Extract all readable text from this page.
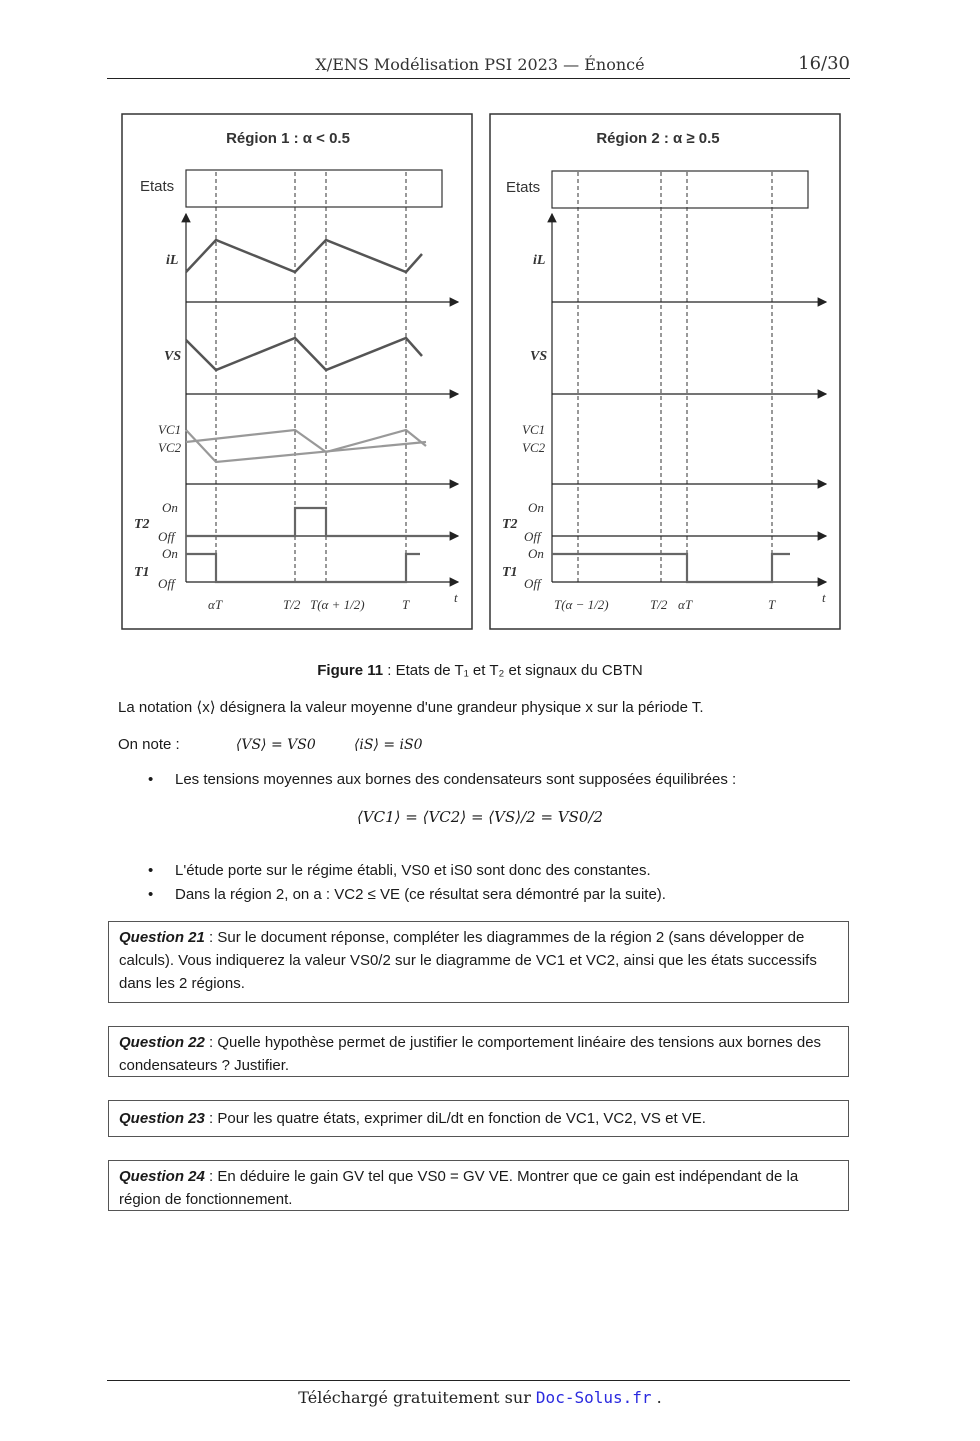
X/ENS Modélisation PSI 2023 — Énoncé	16/30
Région 1 : α < 0.5
Etats
iL
VS
VC1
VC2
On
T2
Off
On
T1
Off
αT	T/2 T(α + 1/2)	T	t
Région 2 : α ≥ 0.5
Etats
iL
VS
VC1
VC2
On
T2
Off
On
T1
Off
T(α − 1/2)	T/2 αT	T	t
Figure 11 : Etats de T₁ et T₂ et signaux du CBTN
La notation ⟨x⟩ désignera la valeur moyenne d'une grandeur physique x sur la période T.
On note :	⟨VS⟩ = VS0	⟨iS⟩ = iS0
• Les tensions moyennes aux bornes des condensateurs sont supposées équilibrées :
⟨VC1⟩ = ⟨VC2⟩ = ⟨VS⟩/2 = VS0/2
• L'étude porte sur le régime établi, VS0 et iS0 sont donc des constantes.
• Dans la région 2, on a : VC2 ≤ VE (ce résultat sera démontré par la suite).
Question 21 : Sur le document réponse, compléter les diagrammes de la région 2 (sans développer de calculs). Vous indiquerez la valeur VS0/2 sur le diagramme de VC1 et VC2, ainsi que les états successifs dans les 2 régions.
Question 22 : Quelle hypothèse permet de justifier le comportement linéaire des tensions aux bornes des condensateurs ? Justifier.
Question 23 : Pour les quatre états, exprimer diL/dt en fonction de VC1, VC2, VS et VE.
Question 24 : En déduire le gain GV tel que VS0 = GV VE. Montrer que ce gain est indépendant de la région de fonctionnement.
Téléchargé gratuitement sur Doc-Solus.fr .
